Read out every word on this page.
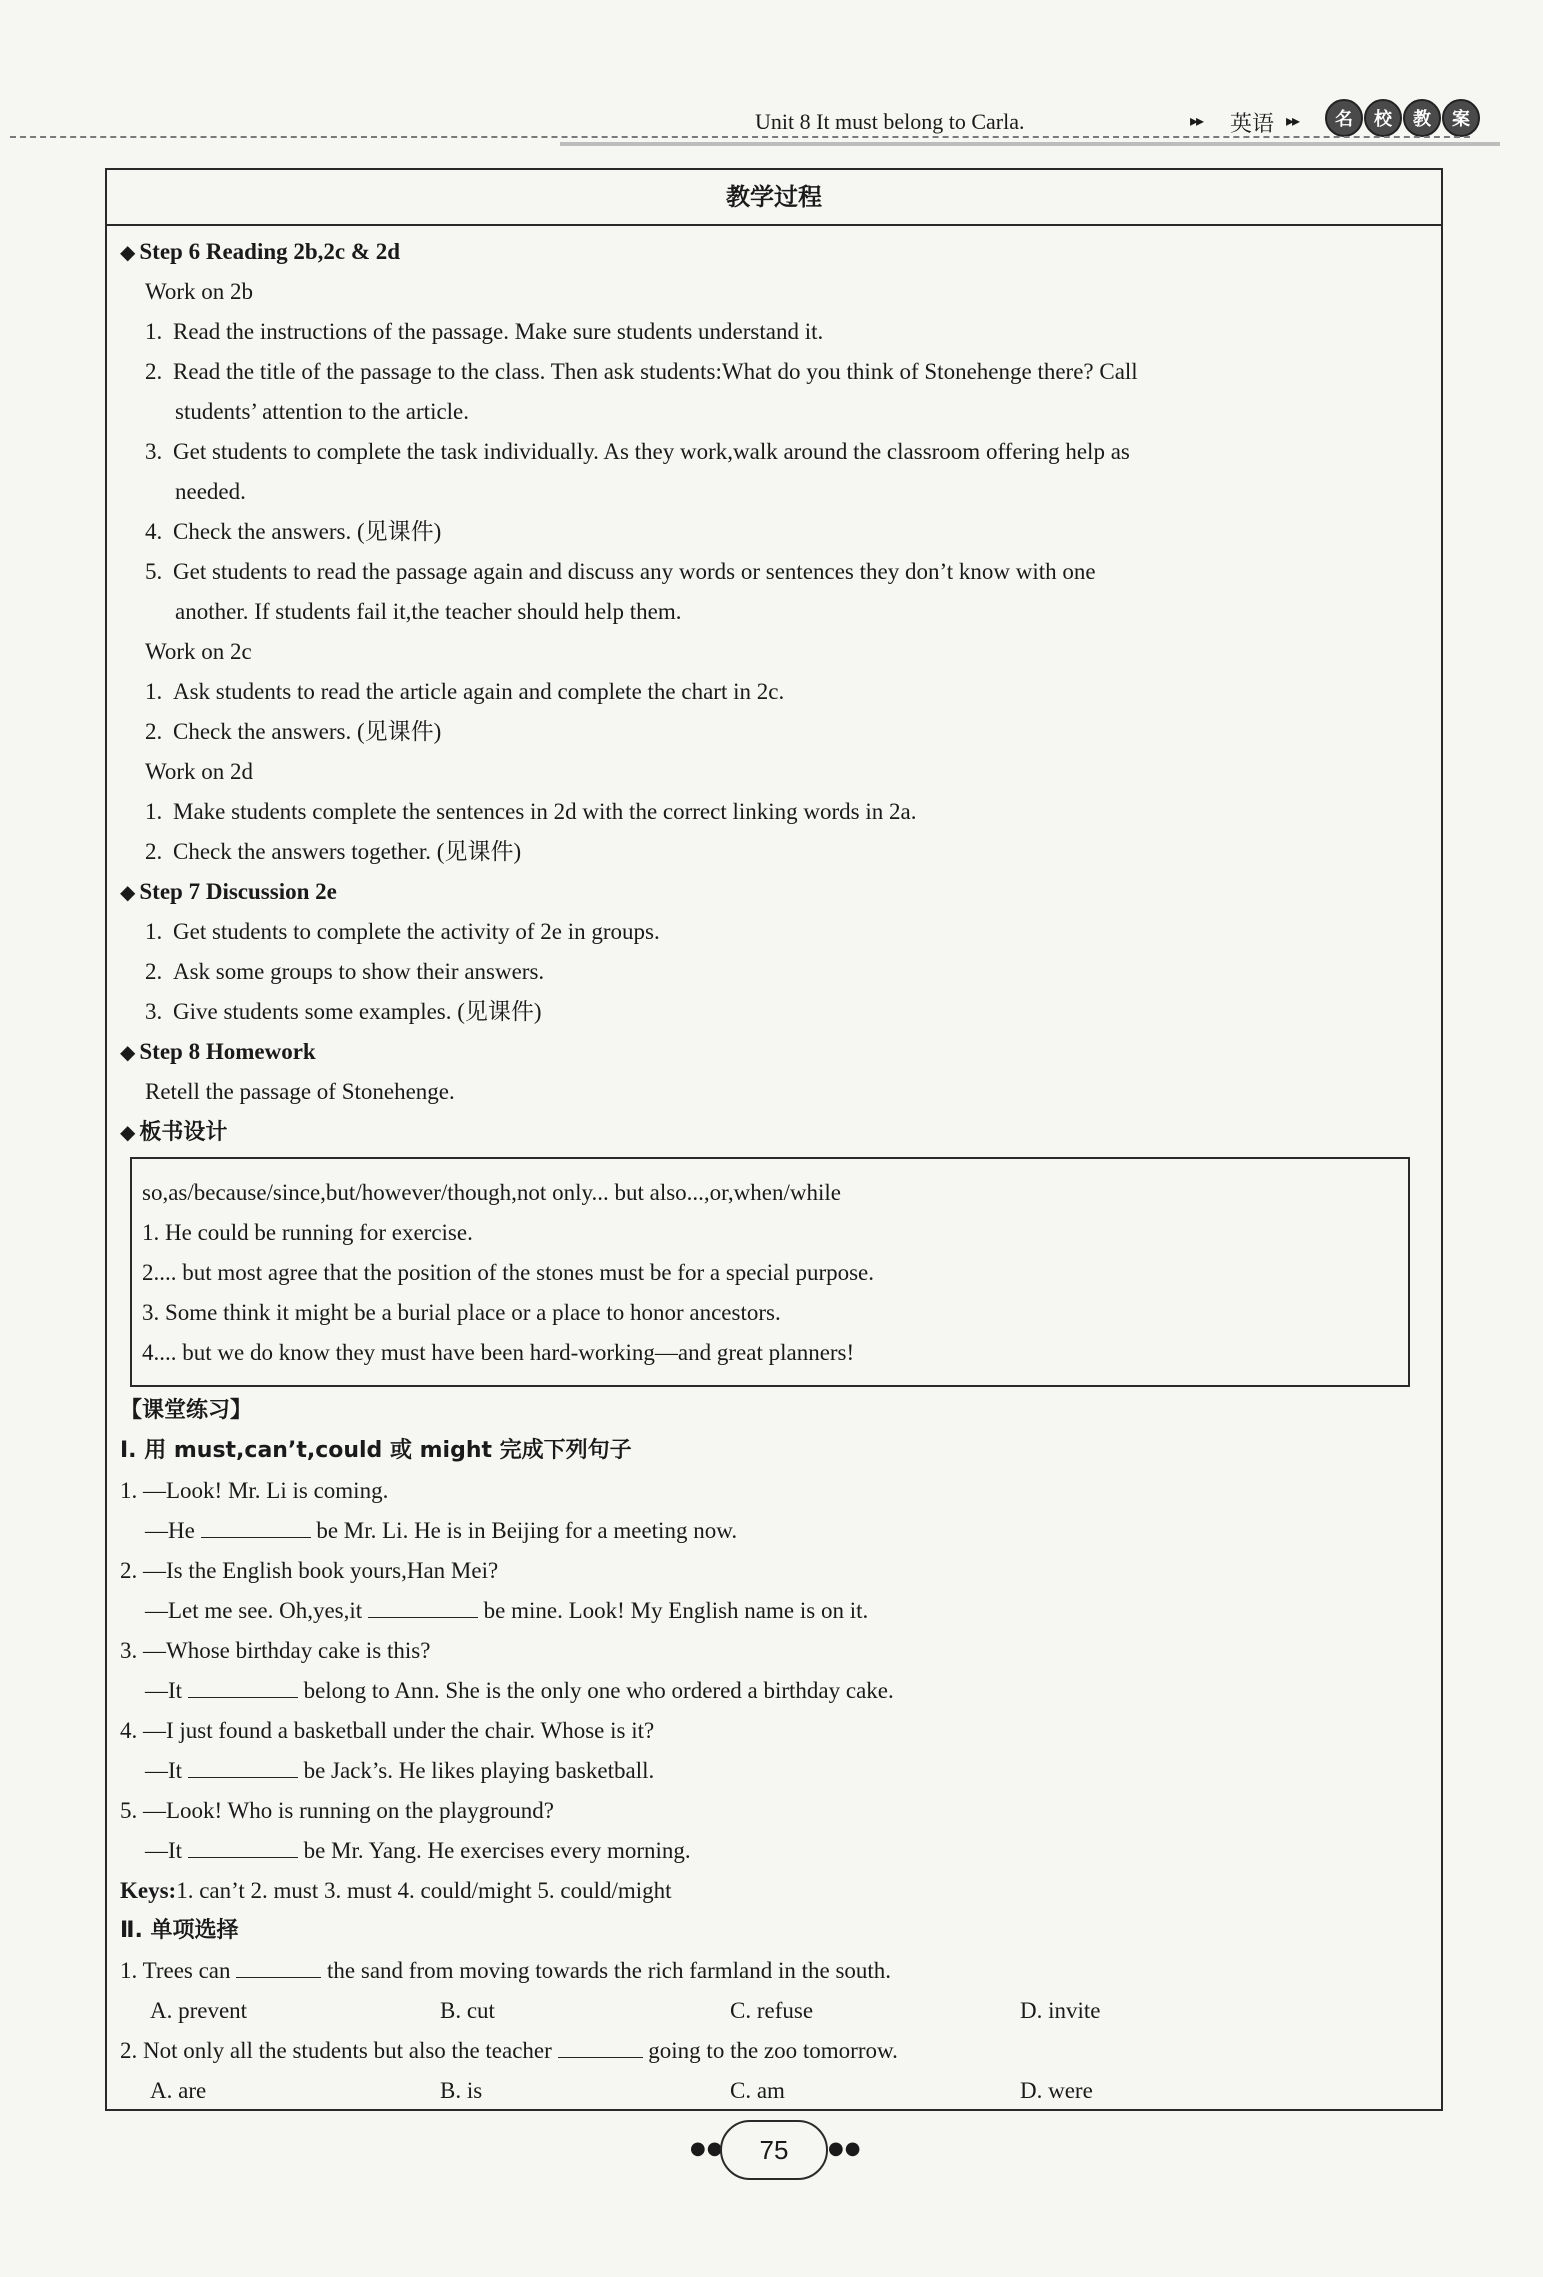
Unit 8 It must belong to Carla.	▸▸ 英语 ▸▸	名	校	教	案
教学过程
◆ Step 6 Reading 2b,2c & 2d
Work on 2b
1. Read the instructions of the passage. Make sure students understand it.
2. Read the title of the passage to the class. Then ask students:What do you think of Stonehenge there? Call
students’ attention to the article.
3. Get students to complete the task individually. As they work,walk around the classroom offering help as
needed.
4. Check the answers. (见课件)
5. Get students to read the passage again and discuss any words or sentences they don’t know with one
another. If students fail it,the teacher should help them.
Work on 2c
1. Ask students to read the article again and complete the chart in 2c.
2. Check the answers. (见课件)
Work on 2d
1. Make students complete the sentences in 2d with the correct linking words in 2a.
2. Check the answers together. (见课件)
◆ Step 7 Discussion 2e
1. Get students to complete the activity of 2e in groups.
2. Ask some groups to show their answers.
3. Give students some examples. (见课件)
◆ Step 8 Homework
Retell the passage of Stonehenge.
◆ 板书设计
so,as/because/since,but/however/though,not only... but also...,or,when/while
1. He could be running for exercise.
2.... but most agree that the position of the stones must be for a special purpose.
3. Some think it might be a burial place or a place to honor ancestors.
4.... but we do know they must have been hard-working—and great planners!
【课堂练习】
Ⅰ. 用 must,can’t,could 或 might 完成下列句子
1. —Look! Mr. Li is coming.
—He	be Mr. Li. He is in Beijing for a meeting now.
2. —Is the English book yours,Han Mei?
—Let me see. Oh,yes,it	be mine. Look! My English name is on it.
3. —Whose birthday cake is this?
—It	belong to Ann. She is the only one who ordered a birthday cake.
4. —I just found a basketball under the chair. Whose is it?
—It	be Jack’s. He likes playing basketball.
5. —Look! Who is running on the playground?
—It	be Mr. Yang. He exercises every morning.
Keys:1. can’t 2. must 3. must 4. could/might 5. could/might
Ⅱ. 单项选择
1. Trees can	the sand from moving towards the rich farmland in the south.
A. prevent	B. cut	C. refuse	D. invite
2. Not only all the students but also the teacher	going to the zoo tomorrow.
A. are	B. is	C. am	D. were
●●	75	●●
